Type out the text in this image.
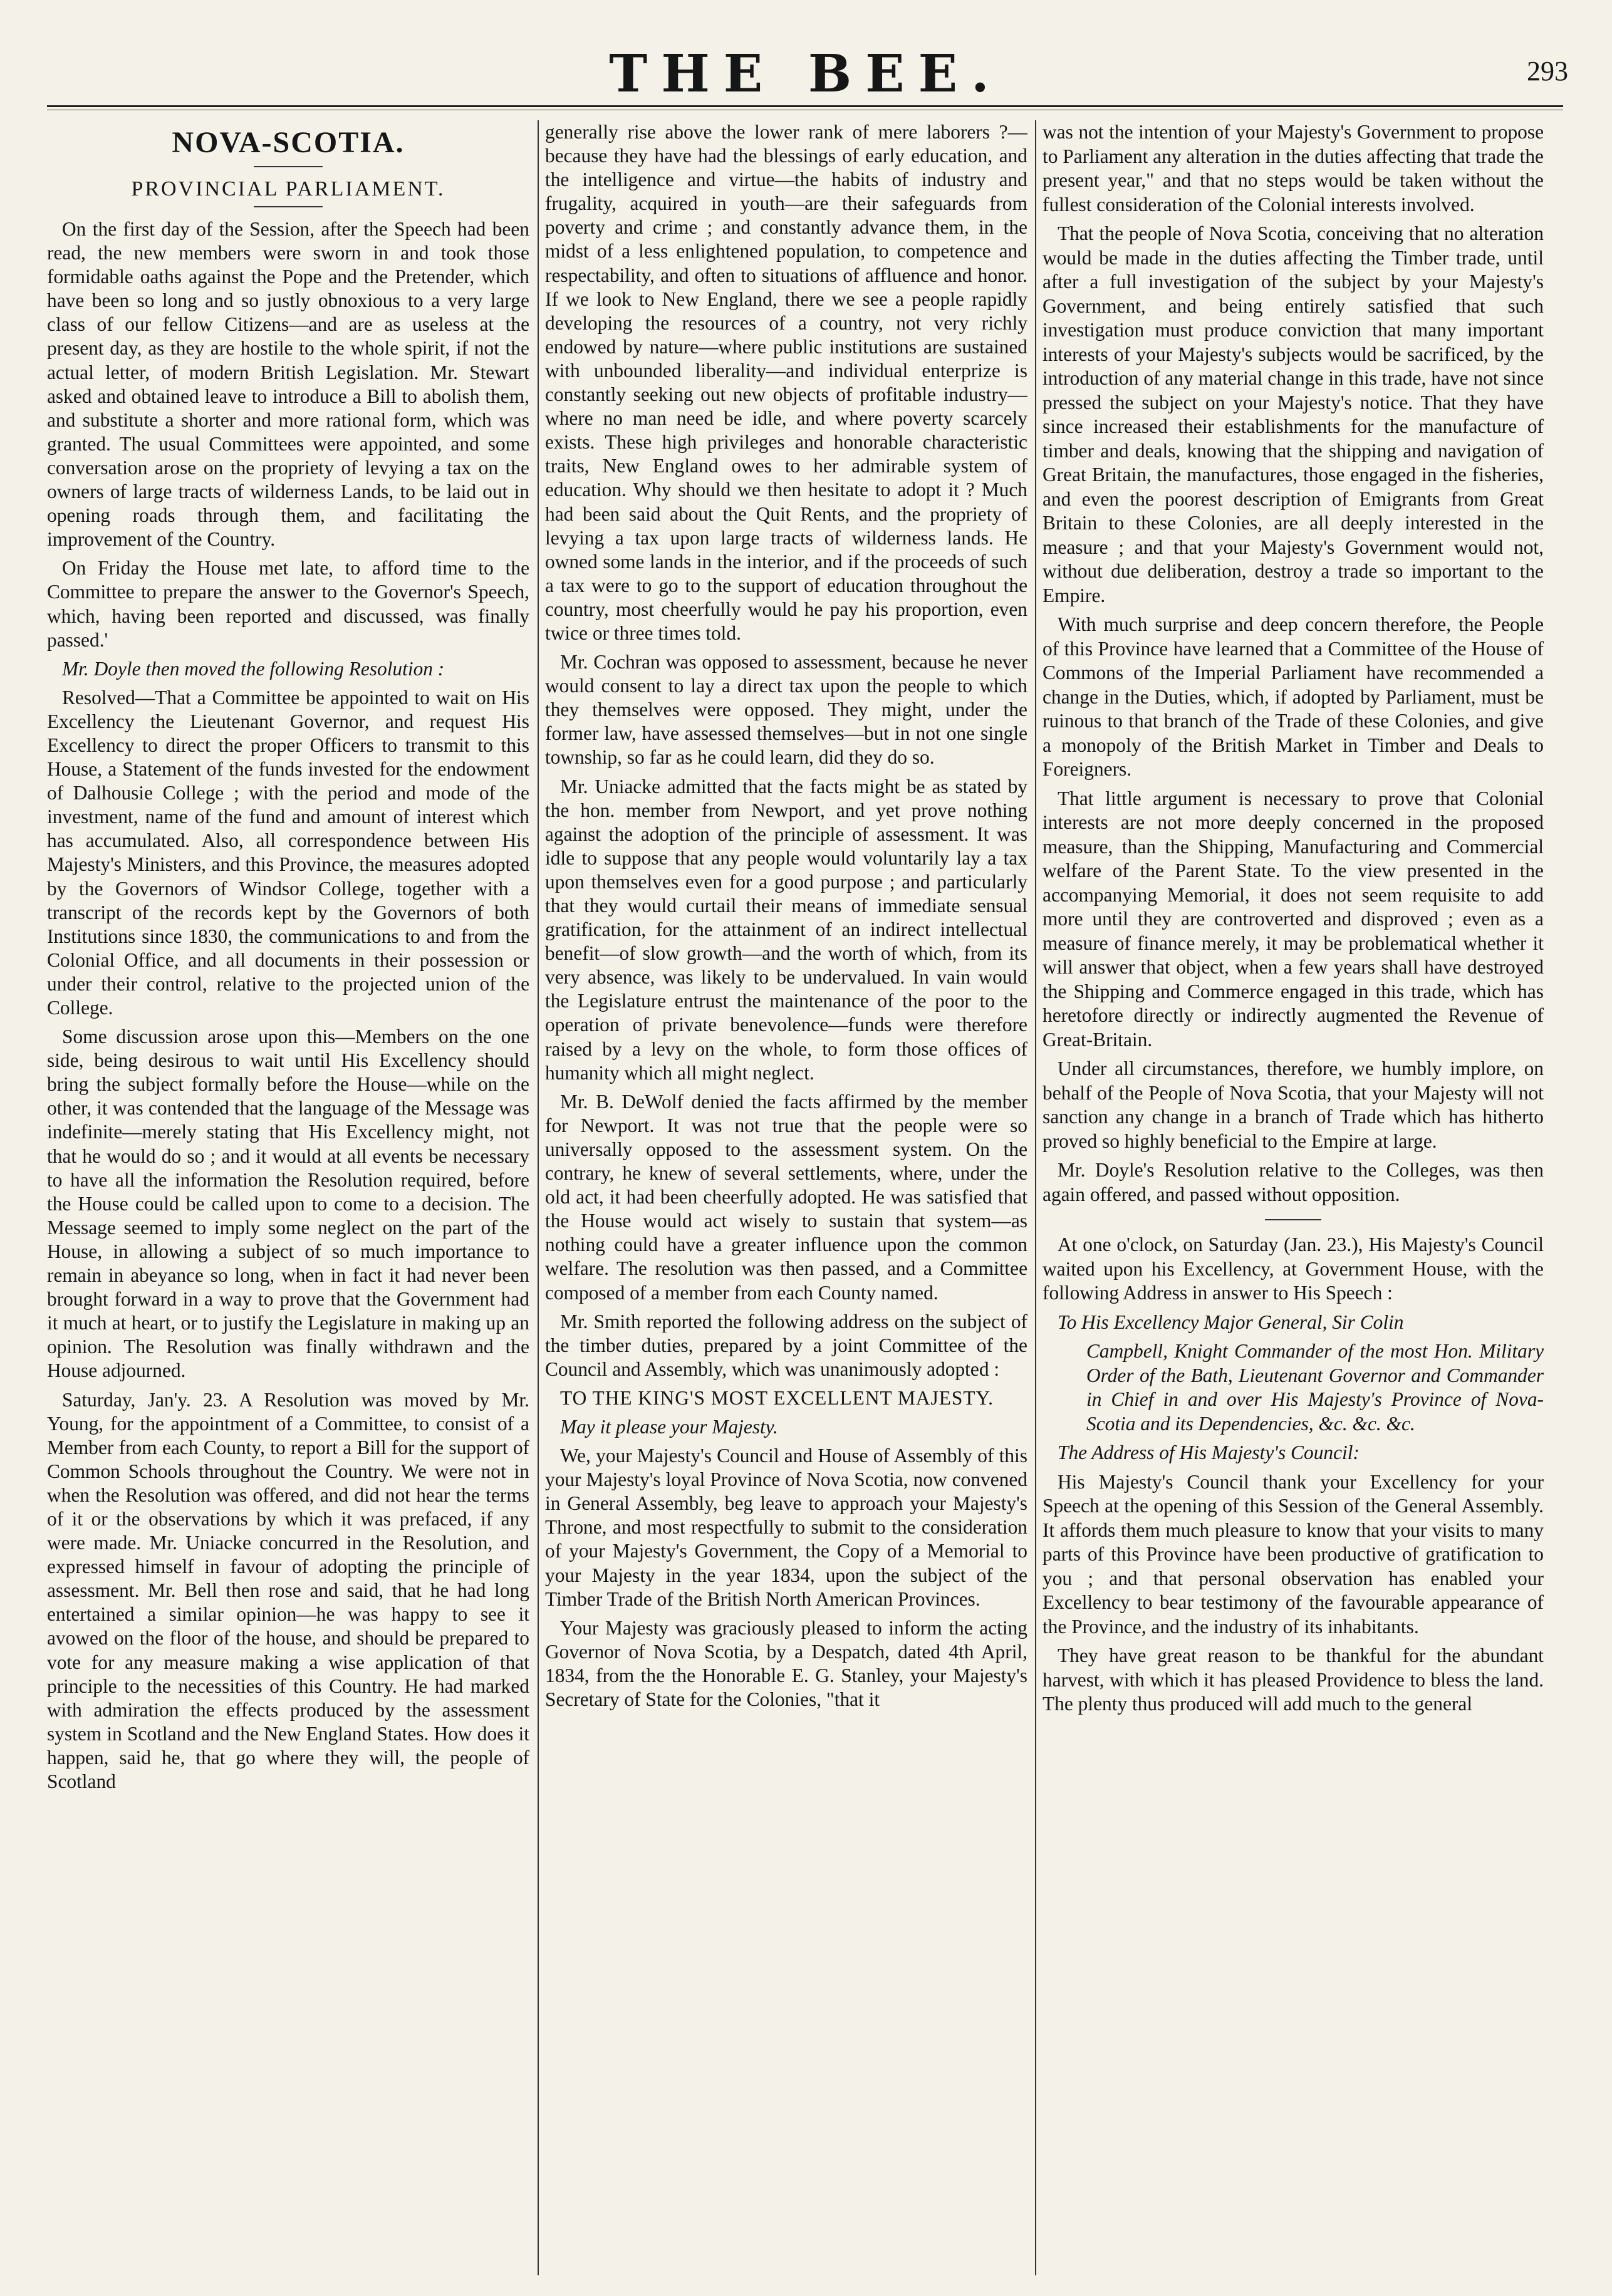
THE BEE.	293
NOVA-SCOTIA.
PROVINCIAL PARLIAMENT.

On the first day of the Session, after the Speech had been read, the new members were sworn in and took those formidable oaths against the Pope and the Pretender, which have been so long and so justly obnoxious to a very large class of our fellow Citizens—and are as useless at the present day, as they are hostile to the whole spirit, if not the actual letter, of modern British Legislation. Mr. Stewart asked and obtained leave to introduce a Bill to abolish them, and substitute a shorter and more rational form, which was granted. The usual Committees were appointed, and some conversation arose on the propriety of levying a tax on the owners of large tracts of wilderness Lands, to be laid out in opening roads through them, and facilitating the improvement of the Country.

On Friday the House met late, to afford time to the Committee to prepare the answer to the Governor's Speech, which, having been reported and discussed, was finally passed.'

Mr. Doyle then moved the following Resolution :

Resolved—That a Committee be appointed to wait on His Excellency the Lieutenant Governor, and request His Excellency to direct the proper Officers to transmit to this House, a Statement of the funds invested for the endowment of Dalhousie College ; with the period and mode of the investment, name of the fund and amount of interest which has accumulated. Also, all correspondence between His Majesty's Ministers, and this Province, the measures adopted by the Governors of Windsor College, together with a transcript of the records kept by the Governors of both Institutions since 1830, the communications to and from the Colonial Office, and all documents in their possession or under their control, relative to the projected union of the College.

Some discussion arose upon this—Members on the one side, being desirous to wait until His Excellency should bring the subject formally before the House—while on the other, it was contended that the language of the Message was indefinite—merely stating that His Excellency might, not that he would do so ; and it would at all events be necessary to have all the information the Resolution required, before the House could be called upon to come to a decision. The Message seemed to imply some neglect on the part of the House, in allowing a subject of so much importance to remain in abeyance so long, when in fact it had never been brought forward in a way to prove that the Government had it much at heart, or to justify the Legislature in making up an opinion. The Resolution was finally withdrawn and the House adjourned.

Saturday, Jan'y. 23. A Resolution was moved by Mr. Young, for the appointment of a Committee, to consist of a Member from each County, to report a Bill for the support of Common Schools throughout the Country. We were not in when the Resolution was offered, and did not hear the terms of it or the observations by which it was prefaced, if any were made. Mr. Uniacke concurred in the Resolution, and expressed himself in favour of adopting the principle of assessment. Mr. Bell then rose and said, that he had long entertained a similar opinion—he was happy to see it avowed on the floor of the house, and should be prepared to vote for any measure making a wise application of that principle to the necessities of this Country. He had marked with admiration the effects produced by the assessment system in Scotland and the New England States. How does it happen, said he, that go where they will, the people of Scotland

generally rise above the lower rank of mere laborers ?—because they have had the blessings of early education, and the intelligence and virtue—the habits of industry and frugality, acquired in youth—are their safeguards from poverty and crime ; and constantly advance them, in the midst of a less enlightened population, to competence and respectability, and often to situations of affluence and honor. If we look to New England, there we see a people rapidly developing the resources of a country, not very richly endowed by nature—where public institutions are sustained with unbounded liberality—and individual enterprize is constantly seeking out new objects of profitable industry—where no man need be idle, and where poverty scarcely exists. These high privileges and honorable characteristic traits, New England owes to her admirable system of education. Why should we then hesitate to adopt it ? Much had been said about the Quit Rents, and the propriety of levying a tax upon large tracts of wilderness lands. He owned some lands in the interior, and if the proceeds of such a tax were to go to the support of education throughout the country, most cheerfully would he pay his proportion, even twice or three times told.

Mr. Cochran was opposed to assessment, because he never would consent to lay a direct tax upon the people to which they themselves were opposed. They might, under the former law, have assessed themselves—but in not one single township, so far as he could learn, did they do so.

Mr. Uniacke admitted that the facts might be as stated by the hon. member from Newport, and yet prove nothing against the adoption of the principle of assessment. It was idle to suppose that any people would voluntarily lay a tax upon themselves even for a good purpose ; and particularly that they would curtail their means of immediate sensual gratification, for the attainment of an indirect intellectual benefit—of slow growth—and the worth of which, from its very absence, was likely to be undervalued. In vain would the Legislature entrust the maintenance of the poor to the operation of private benevolence—funds were therefore raised by a levy on the whole, to form those offices of humanity which all might neglect.

Mr. B. DeWolf denied the facts affirmed by the member for Newport. It was not true that the people were so universally opposed to the assessment system. On the contrary, he knew of several settlements, where, under the old act, it had been cheerfully adopted. He was satisfied that the House would act wisely to sustain that system—as nothing could have a greater influence upon the common welfare. The resolution was then passed, and a Committee composed of a member from each County named.

Mr. Smith reported the following address on the subject of the timber duties, prepared by a joint Committee of the Council and Assembly, which was unanimously adopted :

TO THE KING'S MOST EXCELLENT MAJESTY.

May it please your Majesty.

We, your Majesty's Council and House of Assembly of this your Majesty's loyal Province of Nova Scotia, now convened in General Assembly, beg leave to approach your Majesty's Throne, and most respectfully to submit to the consideration of your Majesty's Government, the Copy of a Memorial to your Majesty in the year 1834, upon the subject of the Timber Trade of the British North American Provinces.

Your Majesty was graciously pleased to inform the acting Governor of Nova Scotia, by a Despatch, dated 4th April, 1834, from the the Honorable E. G. Stanley, your Majesty's Secretary of State for the Colonies, "that it

was not the intention of your Majesty's Government to propose to Parliament any alteration in the duties affecting that trade the present year," and that no steps would be taken without the fullest consideration of the Colonial interests involved.

That the people of Nova Scotia, conceiving that no alteration would be made in the duties affecting the Timber trade, until after a full investigation of the subject by your Majesty's Government, and being entirely satisfied that such investigation must produce conviction that many important interests of your Majesty's subjects would be sacrificed, by the introduction of any material change in this trade, have not since pressed the subject on your Majesty's notice. That they have since increased their establishments for the manufacture of timber and deals, knowing that the shipping and navigation of Great Britain, the manufactures, those engaged in the fisheries, and even the poorest description of Emigrants from Great Britain to these Colonies, are all deeply interested in the measure ; and that your Majesty's Government would not, without due deliberation, destroy a trade so important to the Empire.

With much surprise and deep concern therefore, the People of this Province have learned that a Committee of the House of Commons of the Imperial Parliament have recommended a change in the Duties, which, if adopted by Parliament, must be ruinous to that branch of the Trade of these Colonies, and give a monopoly of the British Market in Timber and Deals to Foreigners.

That little argument is necessary to prove that Colonial interests are not more deeply concerned in the proposed measure, than the Shipping, Manufacturing and Commercial welfare of the Parent State. To the view presented in the accompanying Memorial, it does not seem requisite to add more until they are controverted and disproved ; even as a measure of finance merely, it may be problematical whether it will answer that object, when a few years shall have destroyed the Shipping and Commerce engaged in this trade, which has heretofore directly or indirectly augmented the Revenue of Great-Britain.

Under all circumstances, therefore, we humbly implore, on behalf of the People of Nova Scotia, that your Majesty will not sanction any change in a branch of Trade which has hitherto proved so highly beneficial to the Empire at large.

Mr. Doyle's Resolution relative to the Colleges, was then again offered, and passed without opposition.

At one o'clock, on Saturday (Jan. 23.), His Majesty's Council waited upon his Excellency, at Government House, with the following Address in answer to His Speech :

To His Excellency Major General, Sir Colin

Campbell, Knight Commander of the most Hon. Military Order of the Bath, Lieutenant Governor and Commander in Chief in and over His Majesty's Province of Nova-Scotia and its Dependencies, &c. &c. &c.

The Address of His Majesty's Council:

His Majesty's Council thank your Excellency for your Speech at the opening of this Session of the General Assembly. It affords them much pleasure to know that your visits to many parts of this Province have been productive of gratification to you ; and that personal observation has enabled your Excellency to bear testimony of the favourable appearance of the Province, and the industry of its inhabitants.

They have great reason to be thankful for the abundant harvest, with which it has pleased Providence to bless the land. The plenty thus produced will add much to the general
